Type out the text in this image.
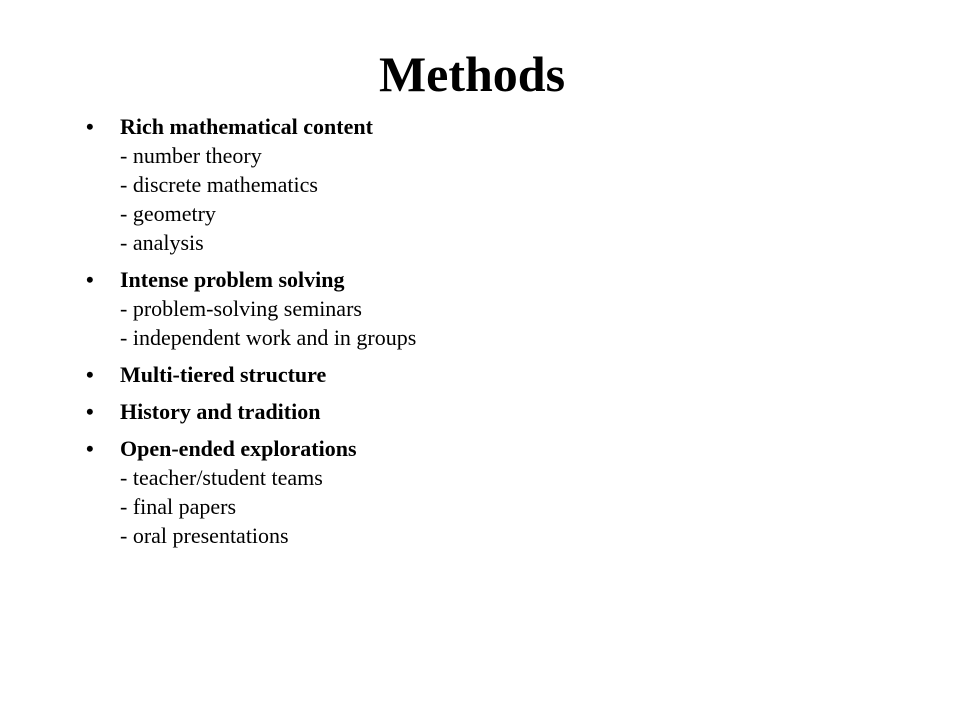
Methods
• Rich mathematical content
- number theory
- discrete mathematics
- geometry
- analysis
• Intense problem solving
- problem-solving seminars
- independent work and in groups
• Multi-tiered structure
• History and tradition
• Open-ended explorations
- teacher/student teams
- final papers
- oral presentations
